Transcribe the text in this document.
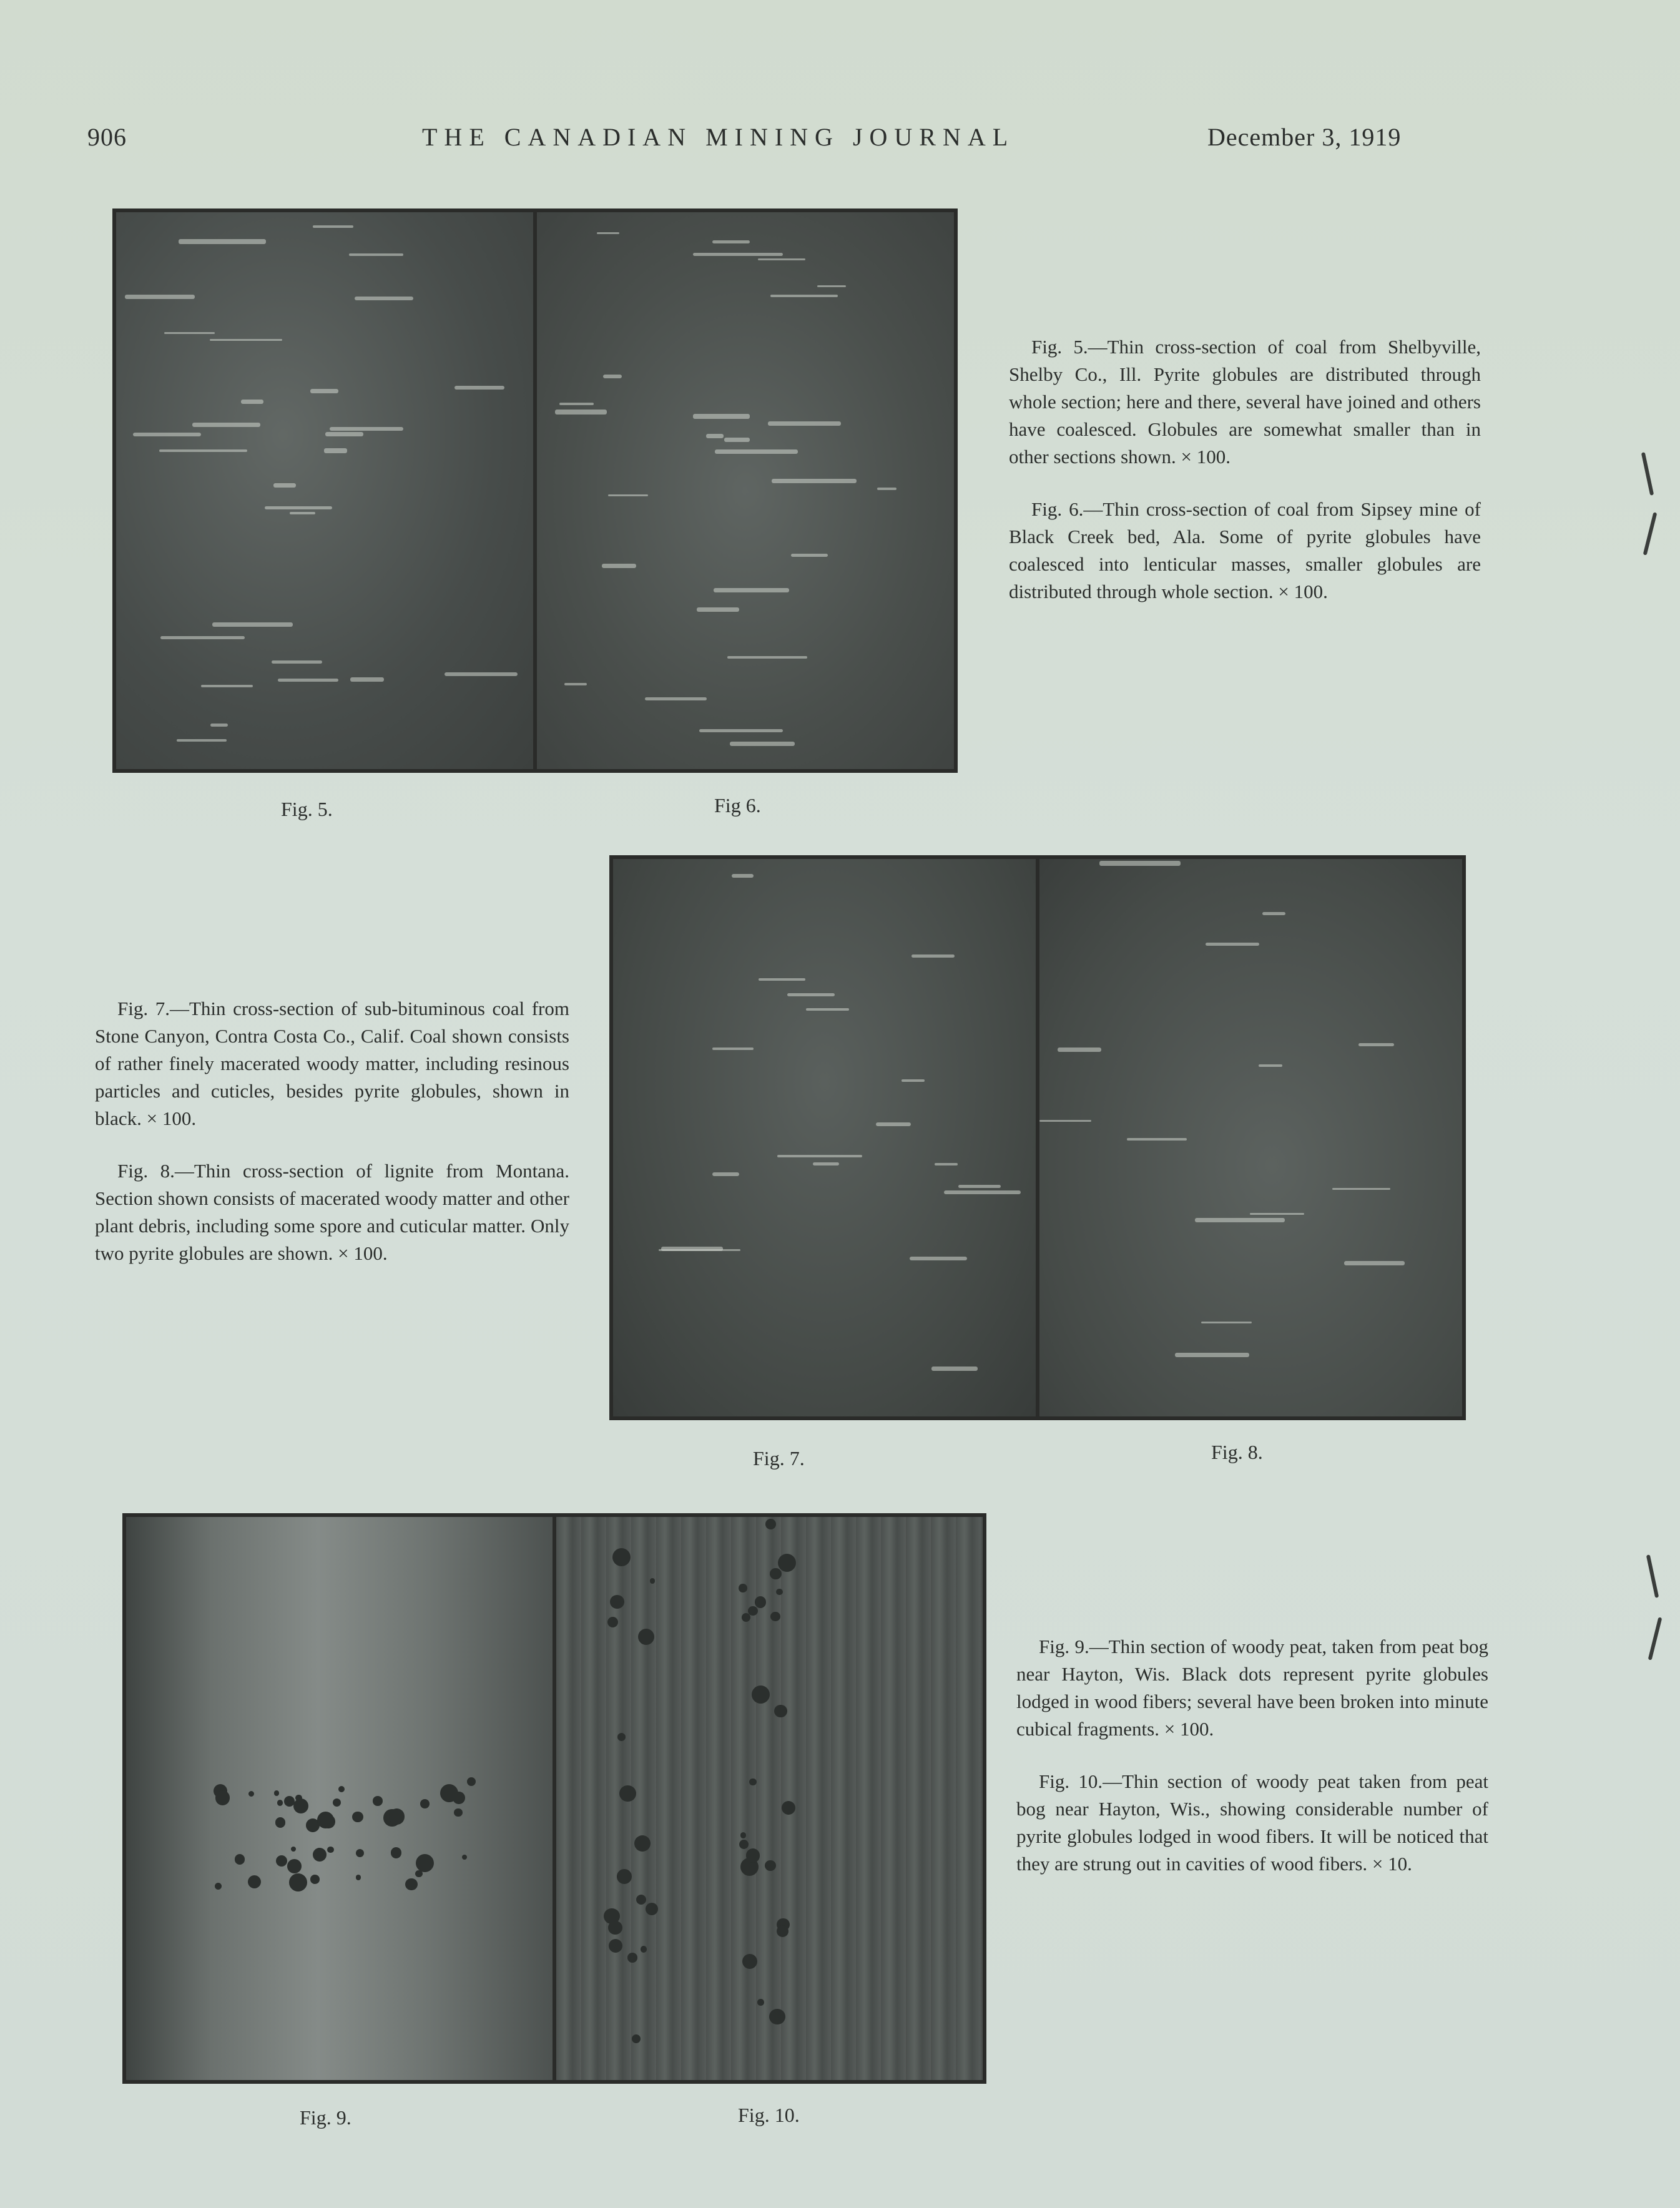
906	THE CANADIAN MINING JOURNAL	December 3, 1919
Fig. 5.	Fig 6.

Fig. 5.—Thin cross-section of coal from Shelbyville, Shelby Co., Ill. Pyrite globules are distributed through whole section; here and there, several have joined and others have coalesced. Globules are somewhat smaller than in other sections shown. × 100.

Fig. 6.—Thin cross-section of coal from Sipsey mine of Black Creek bed, Ala. Some of pyrite globules have coalesced into lenticular masses, smaller globules are distributed through whole section. × 100.

Fig. 7.—Thin cross-section of sub-bituminous coal from Stone Canyon, Contra Costa Co., Calif. Coal shown consists of rather finely macerated woody matter, including resinous particles and cuticles, besides pyrite globules, shown in black. × 100.

Fig. 8.—Thin cross-section of lignite from Montana. Section shown consists of macerated woody matter and other plant debris, including some spore and cuticular matter. Only two pyrite globules are shown. × 100.

Fig. 7.	Fig. 8.
Fig. 9.	Fig. 10.

Fig. 9.—Thin section of woody peat, taken from peat bog near Hayton, Wis. Black dots represent pyrite globules lodged in wood fibers; several have been broken into minute cubical fragments. × 100.

Fig. 10.—Thin section of woody peat taken from peat bog near Hayton, Wis., showing considerable number of pyrite globules lodged in wood fibers. It will be noticed that they are strung out in cavities of wood fibers. × 10.
